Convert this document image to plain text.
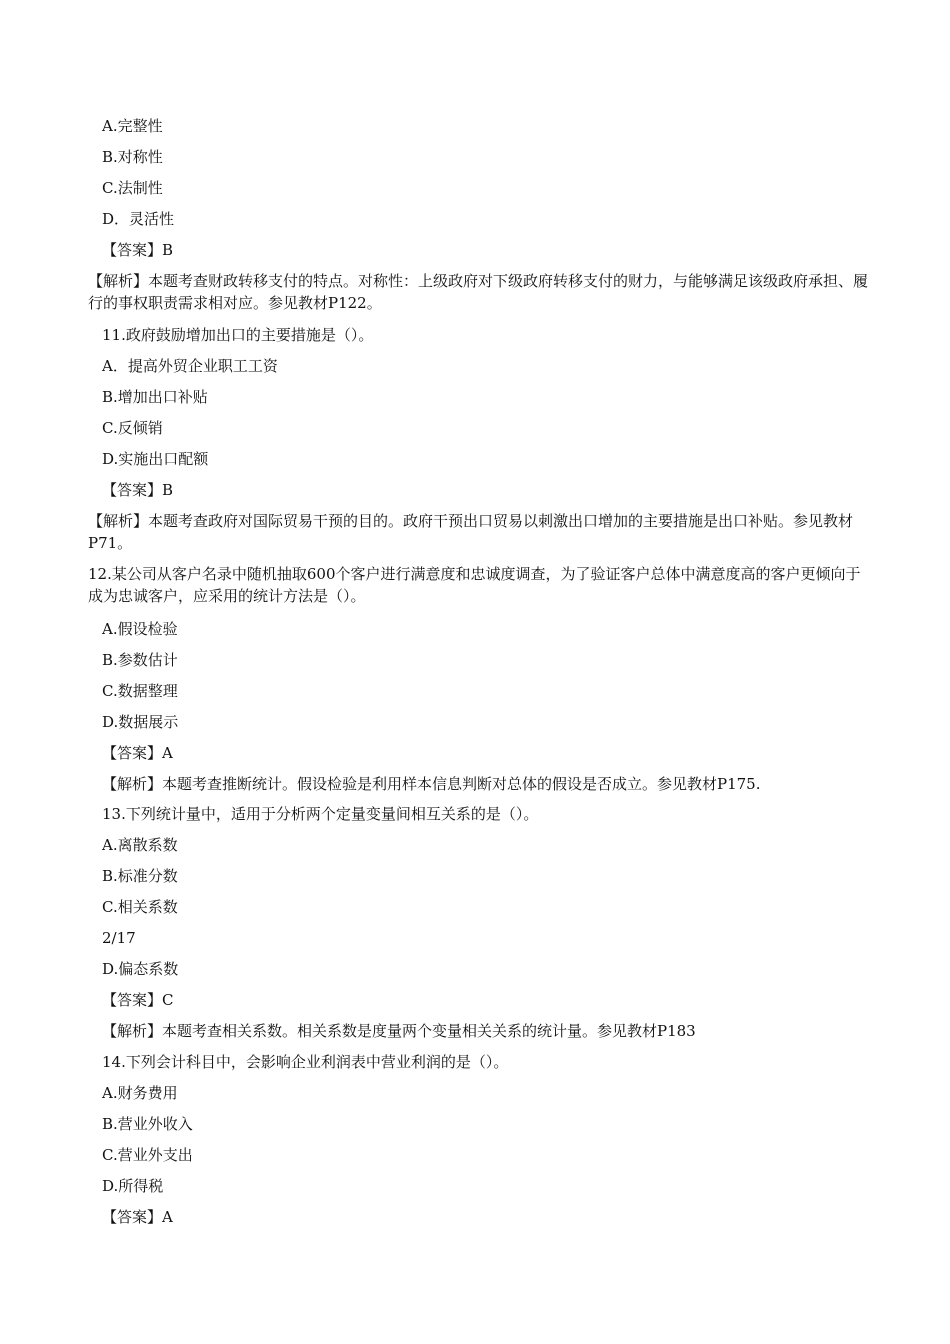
A.完整性
B.对称性
C.法制性
D．灵活性
【答案】B
【解析】本题考查财政转移支付的特点。对称性：上级政府对下级政府转移支付的财力，与能够满足该级政府承担、履行的事权职责需求相对应。参见教材P122。
11.政府鼓励增加出口的主要措施是（）。
A．提高外贸企业职工工资
B.增加出口补贴
C.反倾销
D.实施出口配额
【答案】B
【解析】本题考查政府对国际贸易干预的目的。政府干预出口贸易以刺激出口增加的主要措施是出口补贴。参见教材P71。
12.某公司从客户名录中随机抽取600个客户进行满意度和忠诚度调查，为了验证客户总体中满意度高的客户更倾向于成为忠诚客户，应采用的统计方法是（）。
A.假设检验
B.参数估计
C.数据整理
D.数据展示
【答案】A
【解析】本题考查推断统计。假设检验是利用样本信息判断对总体的假设是否成立。参见教材P175.
13.下列统计量中，适用于分析两个定量变量间相互关系的是（）。
A.离散系数
B.标准分数
C.相关系数
2/17
D.偏态系数
【答案】C
【解析】本题考查相关系数。相关系数是度量两个变量相关关系的统计量。参见教材P183
14.下列会计科目中，会影响企业利润表中营业利润的是（）。
A.财务费用
B.营业外收入
C.营业外支出
D.所得税
【答案】A
